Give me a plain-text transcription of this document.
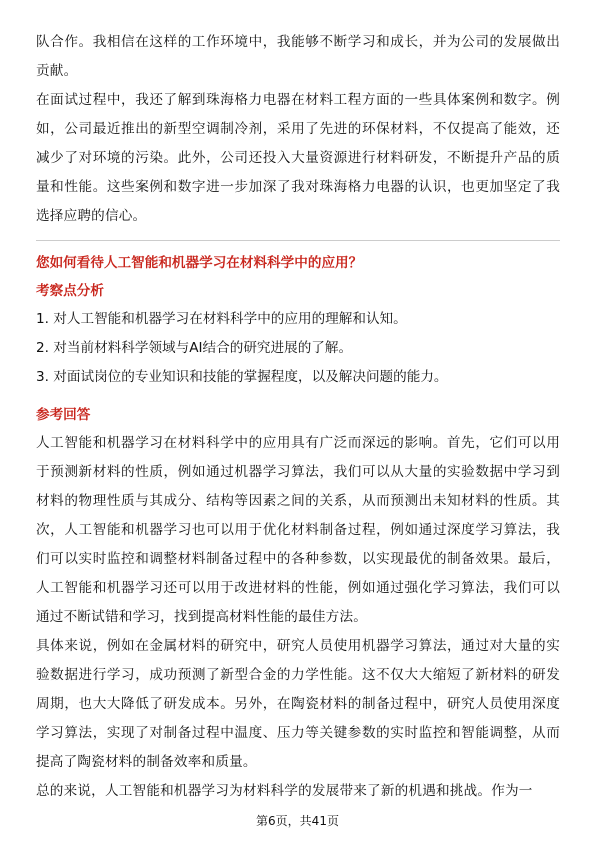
队合作。我相信在这样的工作环境中，我能够不断学习和成长，并为公司的发展做出贡献。

在面试过程中，我还了解到珠海格力电器在材料工程方面的一些具体案例和数字。例如，公司最近推出的新型空调制冷剂，采用了先进的环保材料，不仅提高了能效，还减少了对环境的污染。此外，公司还投入大量资源进行材料研发，不断提升产品的质量和性能。这些案例和数字进一步加深了我对珠海格力电器的认识，也更加坚定了我选择应聘的信心。

您如何看待人工智能和机器学习在材料科学中的应用？

考察点分析

1. 对人工智能和机器学习在材料科学中的应用的理解和认知。

2. 对当前材料科学领域与AI结合的研究进展的了解。

3. 对面试岗位的专业知识和技能的掌握程度，以及解决问题的能力。

参考回答

人工智能和机器学习在材料科学中的应用具有广泛而深远的影响。首先，它们可以用于预测新材料的性质，例如通过机器学习算法，我们可以从大量的实验数据中学习到材料的物理性质与其成分、结构等因素之间的关系，从而预测出未知材料的性质。其次，人工智能和机器学习也可以用于优化材料制备过程，例如通过深度学习算法，我们可以实时监控和调整材料制备过程中的各种参数，以实现最优的制备效果。最后，人工智能和机器学习还可以用于改进材料的性能，例如通过强化学习算法，我们可以通过不断试错和学习，找到提高材料性能的最佳方法。

具体来说，例如在金属材料的研究中，研究人员使用机器学习算法，通过对大量的实验数据进行学习，成功预测了新型合金的力学性能。这不仅大大缩短了新材料的研发周期，也大大降低了研发成本。另外，在陶瓷材料的制备过程中，研究人员使用深度学习算法，实现了对制备过程中温度、压力等关键参数的实时监控和智能调整，从而提高了陶瓷材料的制备效率和质量。

总的来说，人工智能和机器学习为材料科学的发展带来了新的机遇和挑战。作为一

第6页，共41页
